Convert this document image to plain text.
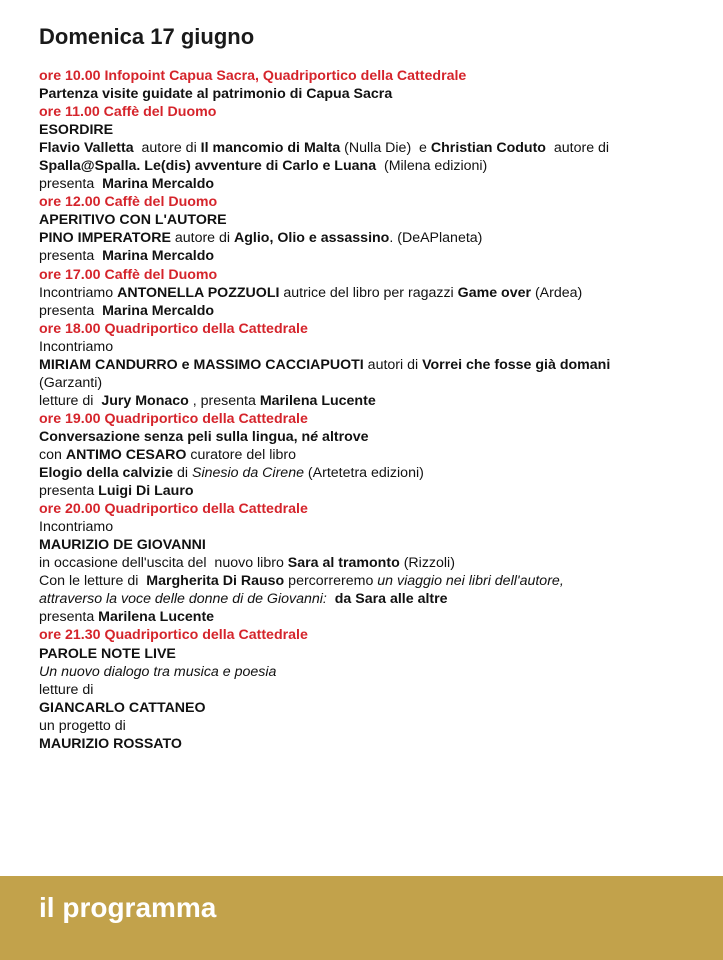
Domenica 17 giugno
ore 10.00 Infopoint Capua Sacra, Quadriportico della Cattedrale
Partenza visite guidate al patrimonio di Capua Sacra
ore 11.00 Caffè del Duomo
ESORDIRE
Flavio Valletta  autore di Il mancomio di Malta (Nulla Die)  e Christian Coduto  autore di
Spalla@Spalla. Le(dis) avventure di Carlo e Luana  (Milena edizioni)
presenta  Marina Mercaldo
ore 12.00 Caffè del Duomo
APERITIVO CON L'AUTORE
PINO IMPERATORE autore di Aglio, Olio e assassino. (DeAPlaneta)
presenta  Marina Mercaldo
ore 17.00 Caffè del Duomo
Incontriamo ANTONELLA POZZUOLI autrice del libro per ragazzi Game over (Ardea)
presenta  Marina Mercaldo
ore 18.00 Quadriportico della Cattedrale
Incontriamo
MIRIAM CANDURRO e MASSIMO CACCIAPUOTI autori di Vorrei che fosse già domani
(Garzanti)
letture di  Jury Monaco , presenta Marilena Lucente
ore 19.00 Quadriportico della Cattedrale
Conversazione senza peli sulla lingua, né altrove
con ANTIMO CESARO curatore del libro
Elogio della calvizie di Sinesio da Cirene (Artetetra edizioni)
presenta Luigi Di Lauro
ore 20.00 Quadriportico della Cattedrale
Incontriamo
MAURIZIO DE GIOVANNI
in occasione dell'uscita del  nuovo libro Sara al tramonto (Rizzoli)
Con le letture di  Margherita Di Rauso percorreremo un viaggio nei libri dell'autore,
attraverso la voce delle donne di de Giovanni:  da Sara alle altre
presenta Marilena Lucente
ore 21.30 Quadriportico della Cattedrale
PAROLE NOTE LIVE
Un nuovo dialogo tra musica e poesia
letture di
GIANCARLO CATTANEO
un progetto di
MAURIZIO ROSSATO
il programma
